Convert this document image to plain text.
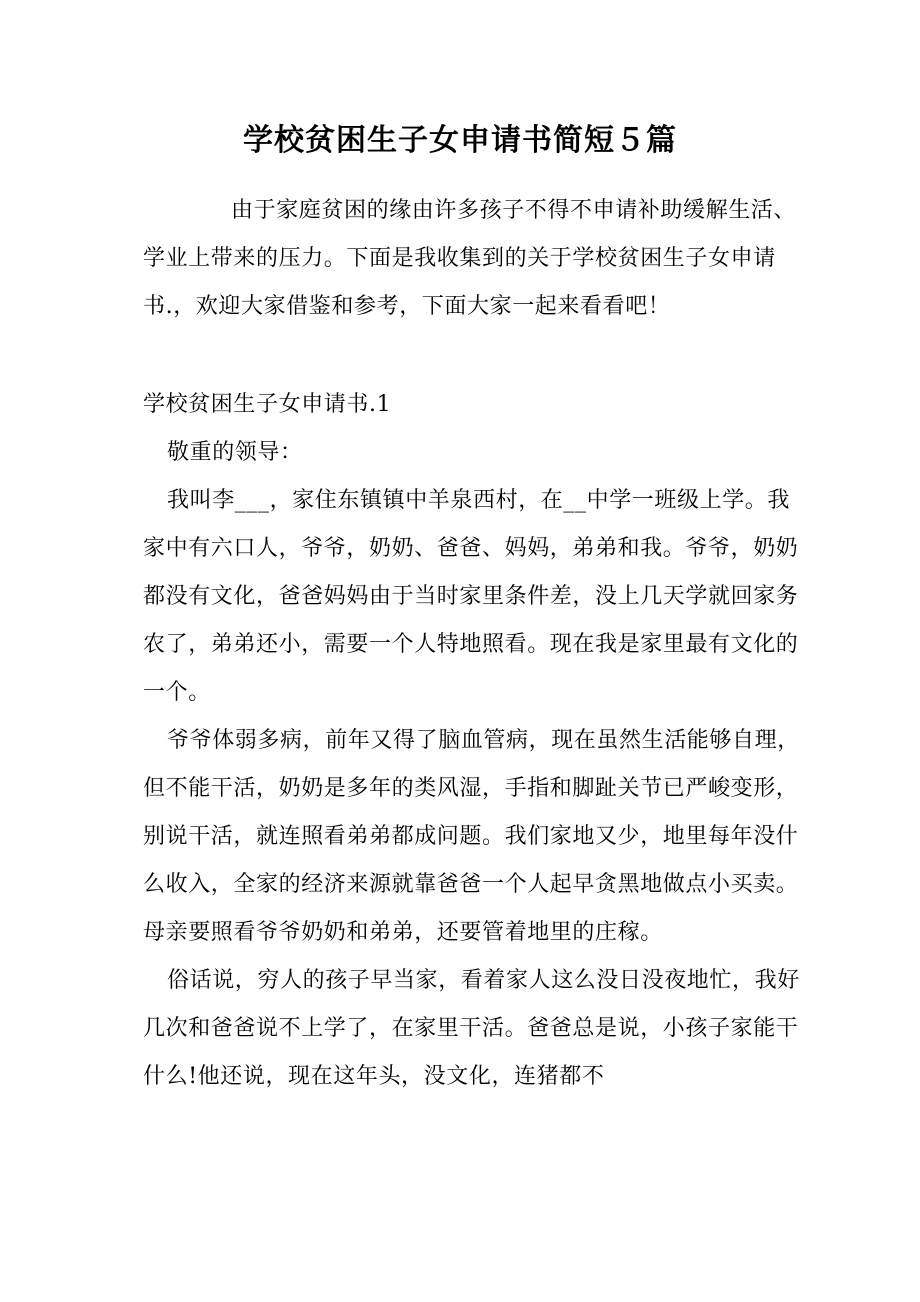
学校贫困生子女申请书简短５篇

由于家庭贫困的缘由许多孩子不得不申请补助缓解生活、学业上带来的压力。下面是我收集到的关于学校贫困生子女申请书.，欢迎大家借鉴和参考，下面大家一起来看看吧！

学校贫困生子女申请书.1

敬重的领导：

我叫李___，家住东镇镇中羊泉西村，在__中学一班级上学。我家中有六口人，爷爷，奶奶、爸爸、妈妈，弟弟和我。爷爷，奶奶都没有文化，爸爸妈妈由于当时家里条件差，没上几天学就回家务农了，弟弟还小，需要一个人特地照看。现在我是家里最有文化的一个。

爷爷体弱多病，前年又得了脑血管病，现在虽然生活能够自理，但不能干活，奶奶是多年的类风湿，手指和脚趾关节已严峻变形，别说干活，就连照看弟弟都成问题。我们家地又少，地里每年没什么收入，全家的经济来源就靠爸爸一个人起早贪黑地做点小买卖。母亲要照看爷爷奶奶和弟弟，还要管着地里的庄稼。

俗话说，穷人的孩子早当家，看着家人这么没日没夜地忙，我好几次和爸爸说不上学了，在家里干活。爸爸总是说，小孩子家能干什么!他还说，现在这年头，没文化，连猪都不
